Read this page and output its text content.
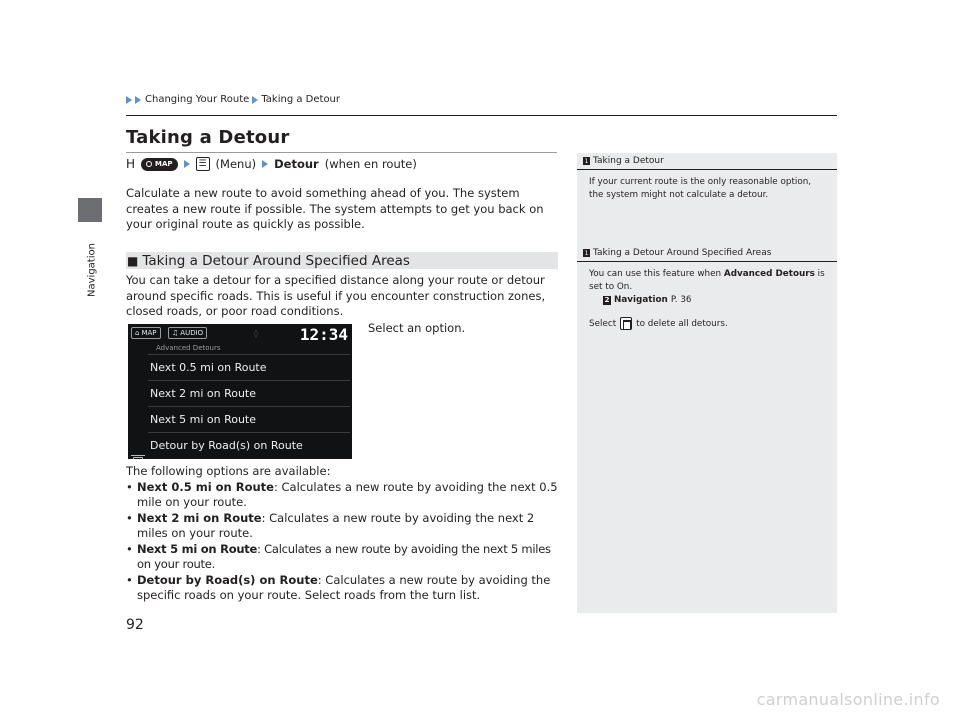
Navigation
Changing Your Route Taking a Detour
Taking a Detour
H	MAP	☰ (Menu) Detour (when en route)
Calculate a new route to avoid something ahead of you. The system creates a new route if possible. The system attempts to get you back on your original route as quickly as possible.
■ Taking a Detour Around Specified Areas
You can take a detour for a specified distance along your route or detour around specific roads. This is useful if you encounter construction zones, closed roads, or poor road conditions.
⌂ MAP	♫ AUDIO	◊	12:34
Advanced Detours
Next 0.5 mi on Route
Next 2 mi on Route
Next 5 mi on Route
Detour by Road(s) on Route
Select an option.
The following options are available:
• Next 0.5 mi on Route: Calculates a new route by avoiding the next 0.5 mile on your route.
• Next 2 mi on Route: Calculates a new route by avoiding the next 2 miles on your route.
• Next 5 mi on Route: Calculates a new route by avoiding the next 5 miles on your route.
• Detour by Road(s) on Route: Calculates a new route by avoiding the specific roads on your route. Select roads from the turn list.
1 Taking a Detour
If your current route is the only reasonable option, the system might not calculate a detour.
1 Taking a Detour Around Specified Areas
You can use this feature when Advanced Detours is set to On.
2 Navigation P. 36
Select to delete all detours.
92
carmanualsonline.info
